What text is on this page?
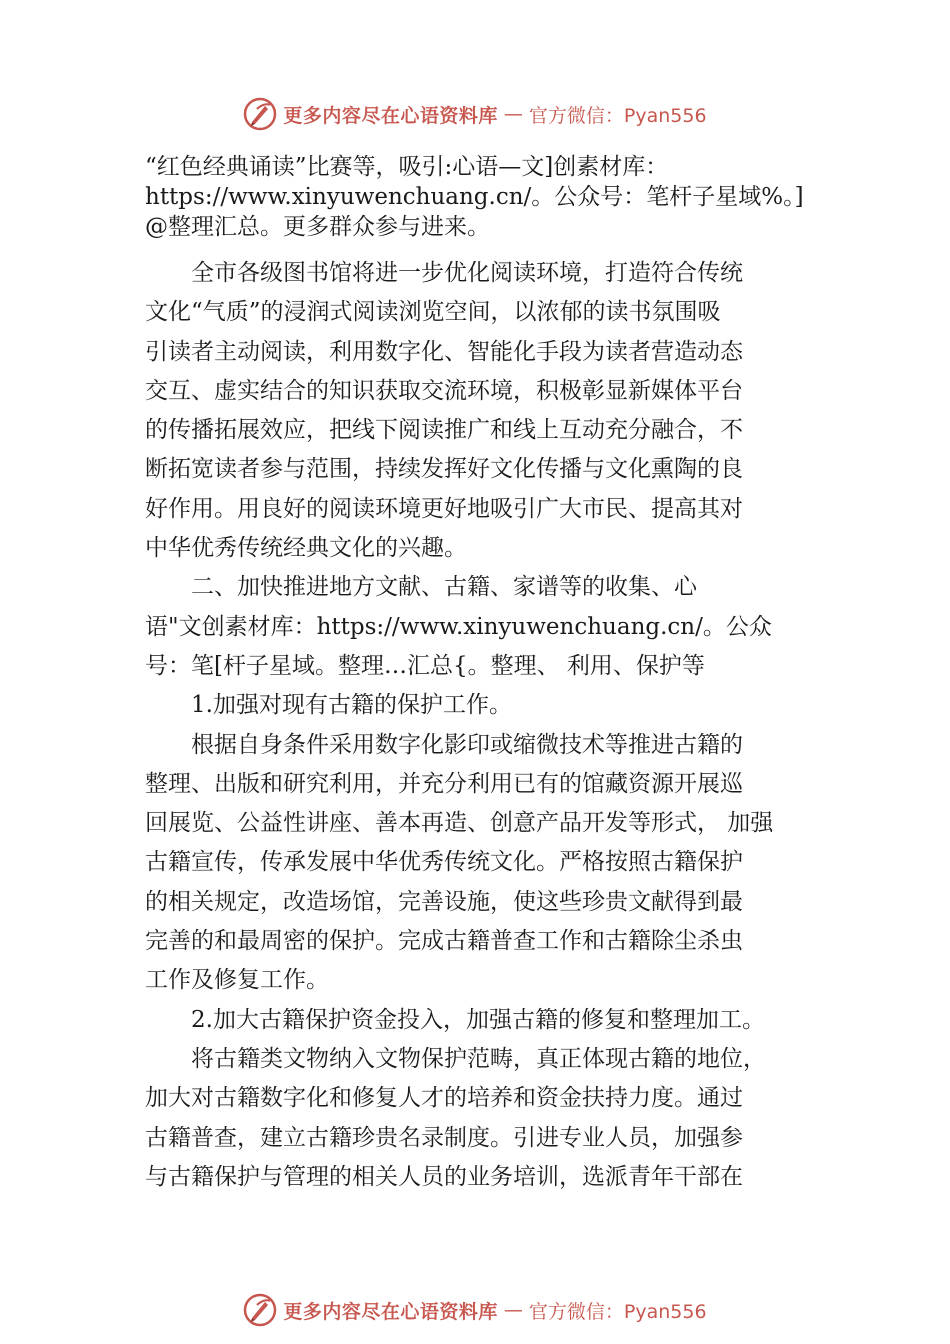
更多内容尽在心语资料库 — 官方微信：Pyan556
“红色经典诵读”比赛等，吸引:心语—文]创素材库：
https://www.xinyuwenchuang.cn/。公众号：笔杆子星域%。]
@整理汇总。更多群众参与进来。
全市各级图书馆将进一步优化阅读环境，打造符合传统
文化“气质”的浸润式阅读浏览空间，以浓郁的读书氛围吸
引读者主动阅读，利用数字化、智能化手段为读者营造动态
交互、虚实结合的知识获取交流环境，积极彰显新媒体平台
的传播拓展效应，把线下阅读推广和线上互动充分融合，不
断拓宽读者参与范围，持续发挥好文化传播与文化熏陶的良
好作用。用良好的阅读环境更好地吸引广大市民、提高其对
中华优秀传统经典文化的兴趣。
二、加快推进地方文献、古籍、家谱等的收集、心
语"文创素材库：https://www.xinyuwenchuang.cn/。公众
号：笔[杆子星域。整理…汇总{。整理、 利用、保护等
1.加强对现有古籍的保护工作。
根据自身条件采用数字化影印或缩微技术等推进古籍的
整理、出版和研究利用，并充分利用已有的馆藏资源开展巡
回展览、公益性讲座、善本再造、创意产品开发等形式， 加强
古籍宣传，传承发展中华优秀传统文化。严格按照古籍保护
的相关规定，改造场馆，完善设施，使这些珍贵文献得到最
完善的和最周密的保护。完成古籍普查工作和古籍除尘杀虫
工作及修复工作。
2.加大古籍保护资金投入，加强古籍的修复和整理加工。
将古籍类文物纳入文物保护范畴，真正体现古籍的地位，
加大对古籍数字化和修复人才的培养和资金扶持力度。通过
古籍普查，建立古籍珍贵名录制度。引进专业人员，加强参
与古籍保护与管理的相关人员的业务培训，选派青年干部在
更多内容尽在心语资料库 — 官方微信：Pyan556
